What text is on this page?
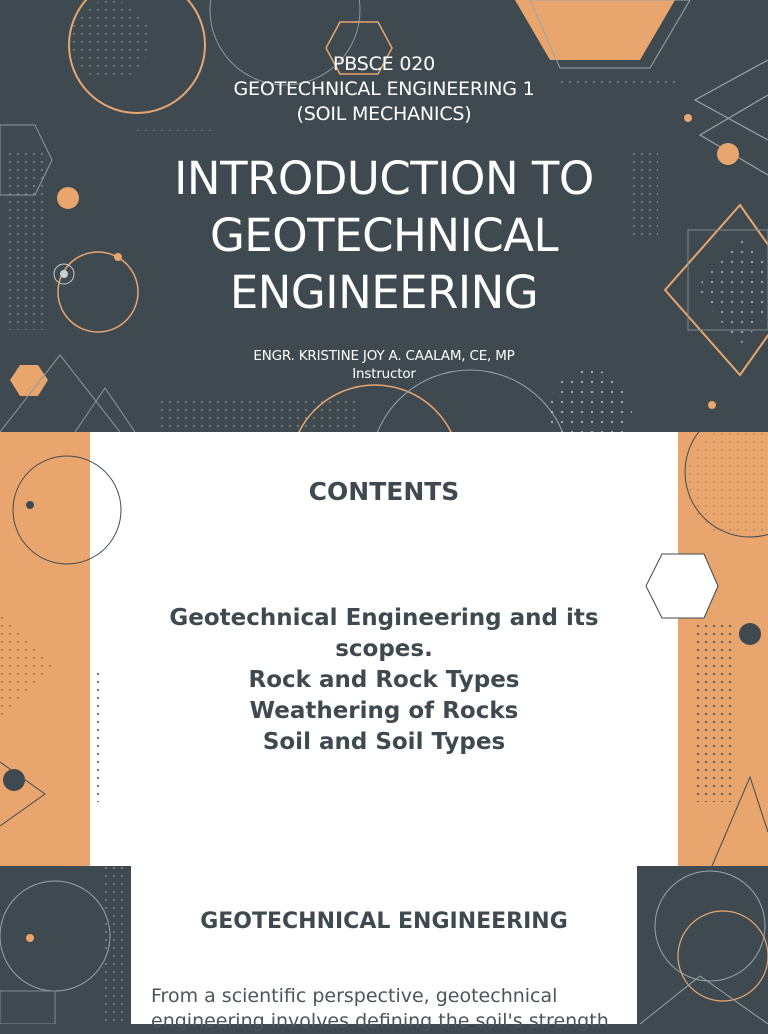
PBSCE 020
GEOTECHNICAL ENGINEERING 1
(SOIL MECHANICS)
INTRODUCTION TO
GEOTECHNICAL
ENGINEERING
ENGR. KRISTINE JOY A. CAALAM, CE, MP
Instructor
CONTENTS
Geotechnical Engineering and its scopes.
Rock and Rock Types
Weathering of Rocks
Soil and Soil Types
GEOTECHNICAL ENGINEERING

From a scientific perspective, geotechnical engineering involves defining the soil's strength
